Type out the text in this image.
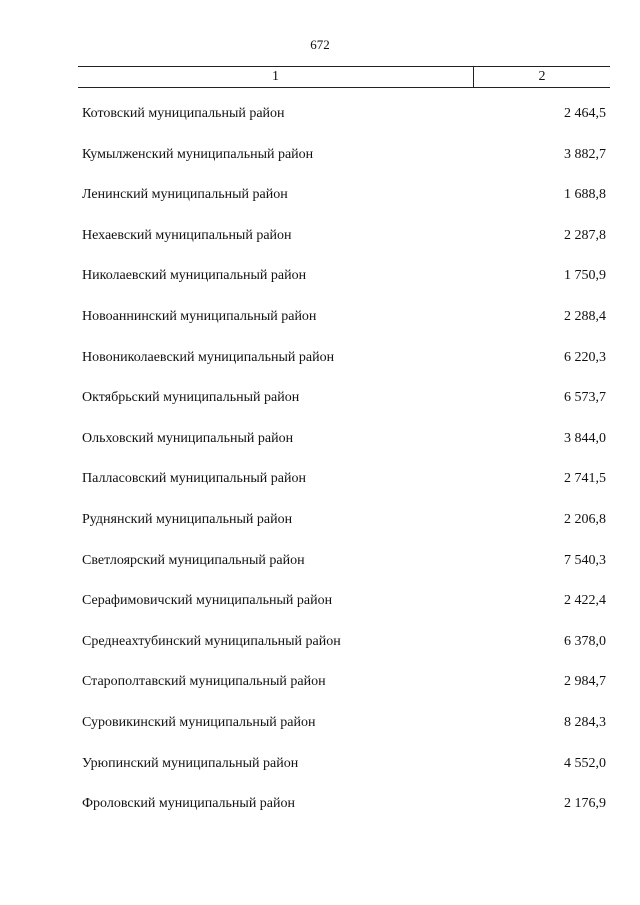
672
1	2
Котовский муниципальный район	2 464,5
Кумылженский муниципальный район	3 882,7
Ленинский муниципальный район	1 688,8
Нехаевский муниципальный район	2 287,8
Николаевский муниципальный район	1 750,9
Новоаннинский муниципальный район	2 288,4
Новониколаевский муниципальный район	6 220,3
Октябрьский муниципальный район	6 573,7
Ольховский муниципальный район	3 844,0
Палласовский муниципальный район	2 741,5
Руднянский муниципальный район	2 206,8
Светлоярский муниципальный район	7 540,3
Серафимовичский муниципальный район	2 422,4
Среднеахтубинский муниципальный район	6 378,0
Старополтавский муниципальный район	2 984,7
Суровикинский муниципальный район	8 284,3
Урюпинский муниципальный район	4 552,0
Фроловский муниципальный район	2 176,9
